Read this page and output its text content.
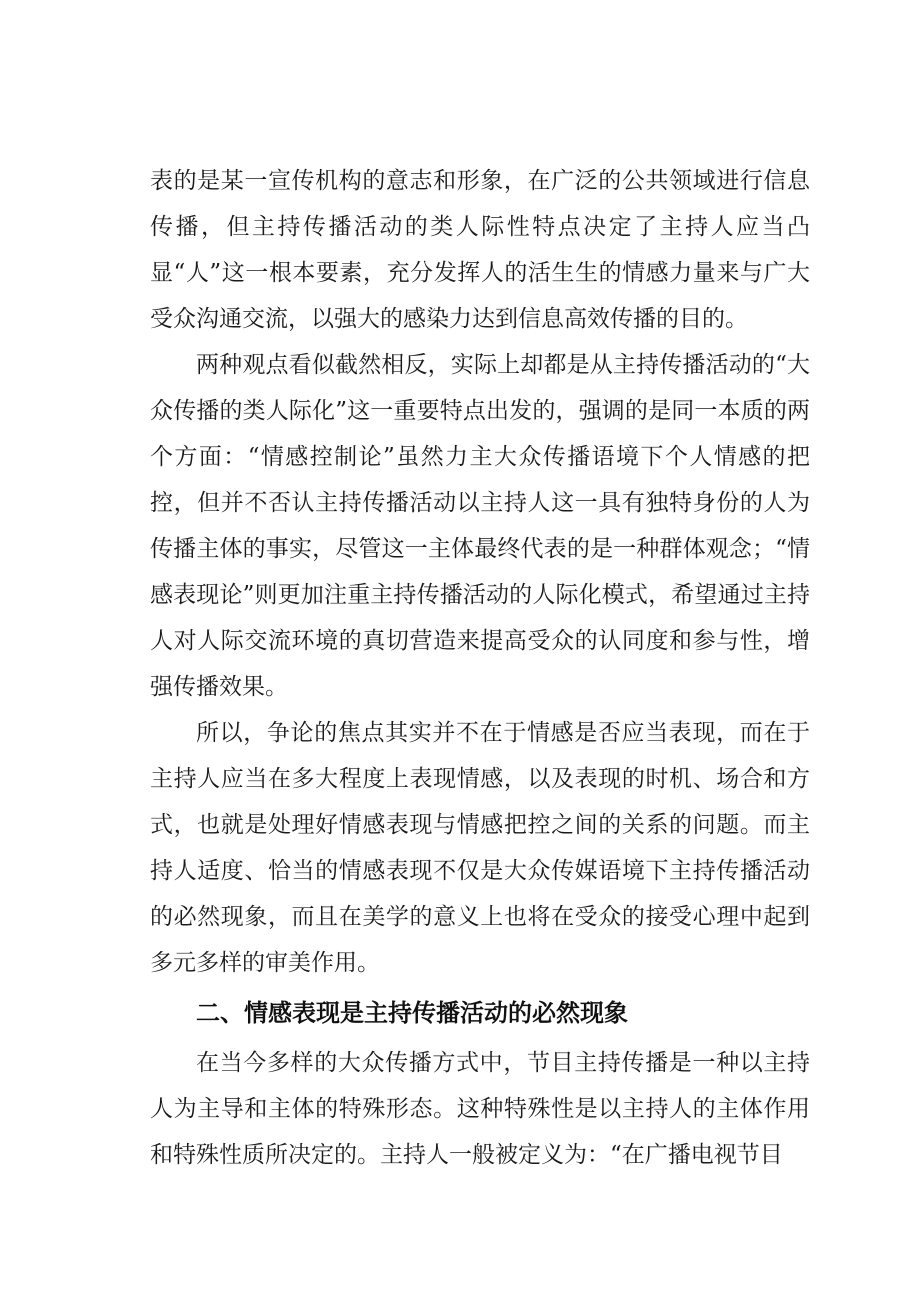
表的是某一宣传机构的意志和形象，在广泛的公共领域进行信息传播，但主持传播活动的类人际性特点决定了主持人应当凸显“人”这一根本要素，充分发挥人的活生生的情感力量来与广大受众沟通交流，以强大的感染力达到信息高效传播的目的。

两种观点看似截然相反，实际上却都是从主持传播活动的“大众传播的类人际化”这一重要特点出发的，强调的是同一本质的两个方面：“情感控制论”虽然力主大众传播语境下个人情感的把控，但并不否认主持传播活动以主持人这一具有独特身份的人为传播主体的事实，尽管这一主体最终代表的是一种群体观念；“情感表现论”则更加注重主持传播活动的人际化模式，希望通过主持人对人际交流环境的真切营造来提高受众的认同度和参与性，增强传播效果。

所以，争论的焦点其实并不在于情感是否应当表现，而在于主持人应当在多大程度上表现情感，以及表现的时机、场合和方式，也就是处理好情感表现与情感把控之间的关系的问题。而主持人适度、恰当的情感表现不仅是大众传媒语境下主持传播活动的必然现象，而且在美学的意义上也将在受众的接受心理中起到多元多样的审美作用。

二、情感表现是主持传播活动的必然现象

在当今多样的大众传播方式中，节目主持传播是一种以主持人为主导和主体的特殊形态。这种特殊性是以主持人的主体作用和特殊性质所决定的。主持人一般被定义为：“在广播电视节目
